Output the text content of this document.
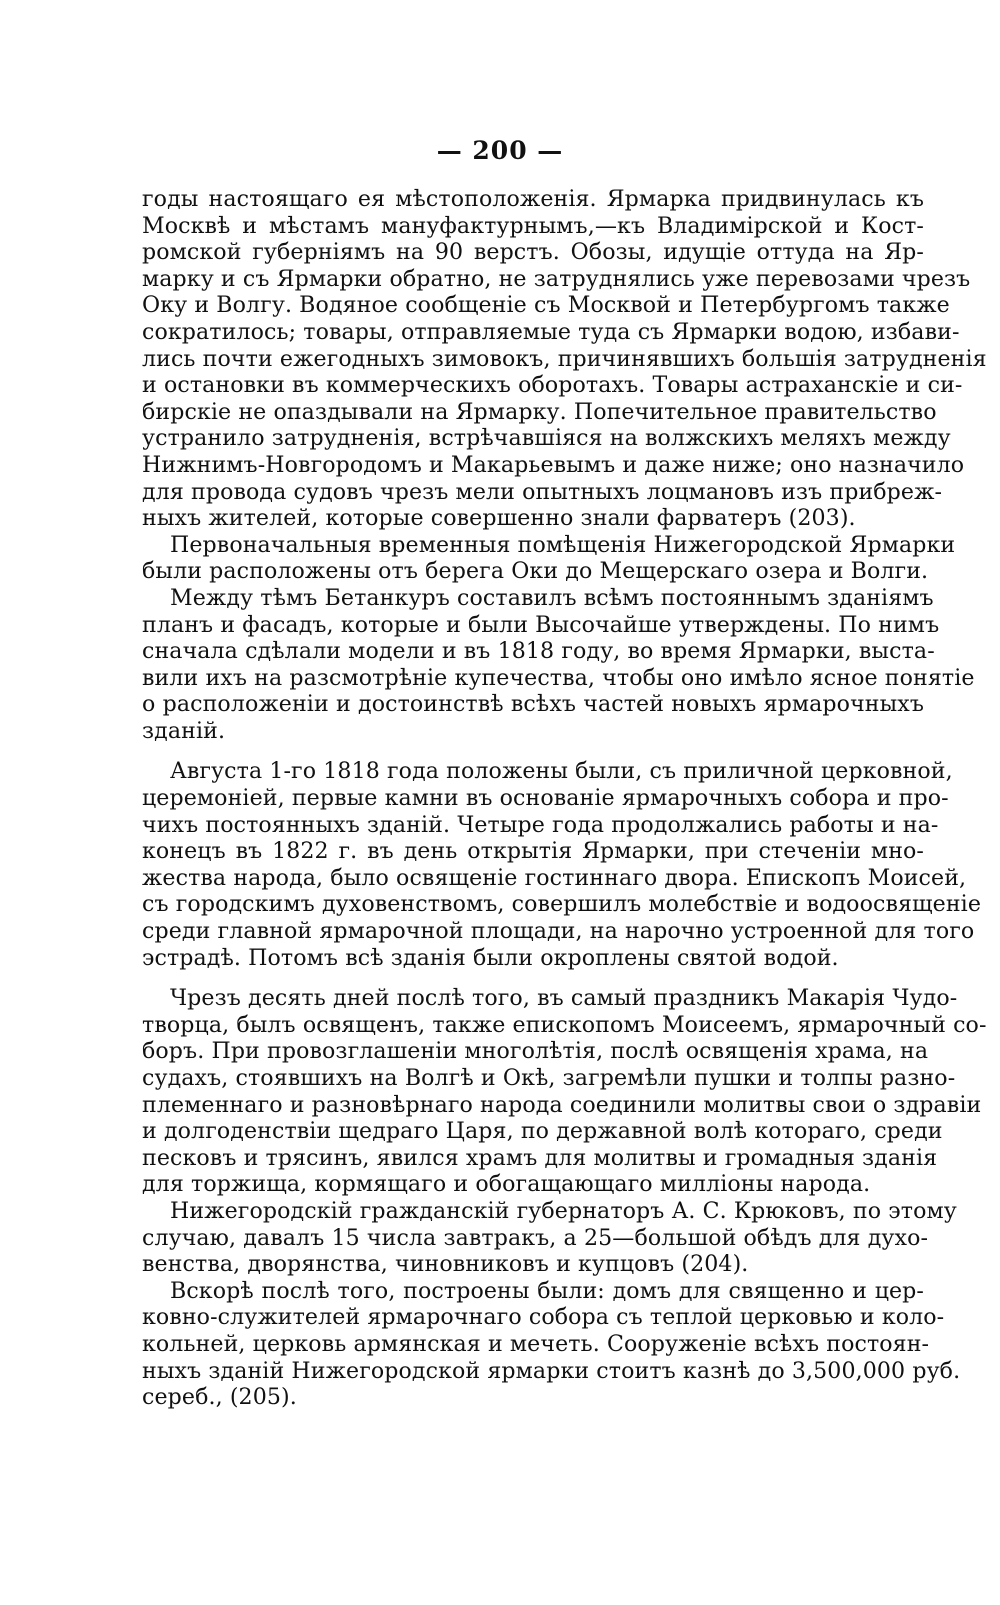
— 200 —

годы настоящаго ея мѣстоположенія. Ярмарка придвинулась къ
Москвѣ и мѣстамъ мануфактурнымъ,—къ Владимірской и Кост-
ромской губерніямъ на 90 верстъ. Обозы, идущіе оттуда на Яр-
марку и съ Ярмарки обратно, не затруднялись уже перевозами чрезъ
Оку и Волгу. Водяное сообщеніе съ Москвой и Петербургомъ также
сократилось; товары, отправляемые туда съ Ярмарки водою, избави-
лись почти ежегодныхъ зимовокъ, причинявшихъ большія затрудненія
и остановки въ коммерческихъ оборотахъ. Товары астраханскіе и си-
бирскіе не опаздывали на Ярмарку. Попечительное правительство
устранило затрудненія, встрѣчавшіяся на волжскихъ меляхъ между
Нижнимъ-Новгородомъ и Макарьевымъ и даже ниже; оно назначило
для провода судовъ чрезъ мели опытныхъ лоцмановъ изъ прибреж-
ныхъ жителей, которые совершенно знали фарватеръ (203).

Первоначальныя временныя помѣщенія Нижегородской Ярмарки
были расположены отъ берега Оки до Мещерскаго озера и Волги.

Между тѣмъ Бетанкуръ составилъ всѣмъ постояннымъ зданіямъ
планъ и фасадъ, которые и были Высочайше утверждены. По нимъ
сначала сдѣлали модели и въ 1818 году, во время Ярмарки, выста-
вили ихъ на разсмотрѣніе купечества, чтобы оно имѣло ясное понятіе
о расположеніи и достоинствѣ всѣхъ частей новыхъ ярмарочныхъ
зданій.

Августа 1-го 1818 года положены были, съ приличной церковной,
церемоніей, первые камни въ основаніе ярмарочныхъ собора и про-
чихъ постоянныхъ зданій. Четыре года продолжались работы и на-
конецъ въ 1822 г. въ день открытія Ярмарки, при стеченіи мно-
жества народа, было освященіе гостиннаго двора. Епископъ Моисей,
съ городскимъ духовенствомъ, совершилъ молебствіе и водоосвященіе
среди главной ярмарочной площади, на нарочно устроенной для того
эстрадѣ. Потомъ всѣ зданія были окроплены святой водой.

Чрезъ десять дней послѣ того, въ самый праздникъ Макарія Чудо-
творца, былъ освященъ, также епископомъ Моисеемъ, ярмарочный со-
боръ. При провозглашеніи многолѣтія, послѣ освященія храма, на
судахъ, стоявшихъ на Волгѣ и Окѣ, загремѣли пушки и толпы разно-
племеннаго и разновѣрнаго народа соединили молитвы свои о здравіи
и долгоденствіи щедраго Царя, по державной волѣ котораго, среди
песковъ и трясинъ, явился храмъ для молитвы и громадныя зданія
для торжища, кормящаго и обогащающаго милліоны народа.

Нижегородскій гражданскій губернаторъ А. С. Крюковъ, по этому
случаю, давалъ 15 числа завтракъ, а 25—большой обѣдъ для духо-
венства, дворянства, чиновниковъ и купцовъ (204).

Вскорѣ послѣ того, построены были: домъ для священно и цер-
ковно-служителей ярмарочнаго собора съ теплой церковью и коло-
кольней, церковь армянская и мечеть. Сооруженіе всѣхъ постоян-
ныхъ зданій Нижегородской ярмарки стоитъ казнѣ до 3,500,000 руб.
сереб., (205).
